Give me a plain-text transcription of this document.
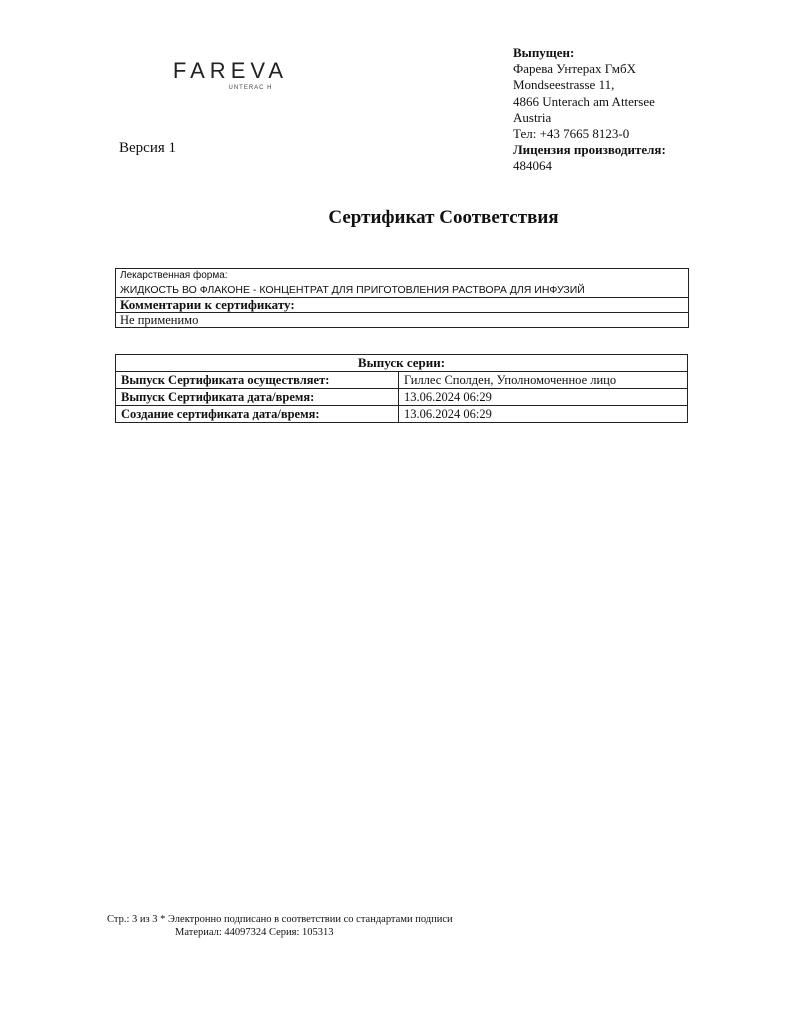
FAREVA
UNTERAC H
Версия 1
Выпущен:
Фарева Унтерах ГмбХ
Mondseestrasse 11,
4866 Unterach am Attersee
Austria
Тел: +43 7665 8123-0
Лицензия производителя:
484064
Сертификат Соответствия
Лекарственная форма:
ЖИДКОСТЬ ВО ФЛАКОНЕ - КОНЦЕНТРАТ ДЛЯ ПРИГОТОВЛЕНИЯ РАСТВОРА ДЛЯ ИНФУЗИЙ
Комментарии к сертификату:
Не применимо
Выпуск серии:	
Выпуск Сертификата осуществляет:	Гиллес Сполден, Уполномоченное лицо
Выпуск Сертификата дата/время:	13.06.2024 06:29
Создание сертификата дата/время:	13.06.2024 06:29
Стр.: 3 из 3 * Электронно подписано в соответствии со стандартами подписи
Материал: 44097324 Серия: 105313
